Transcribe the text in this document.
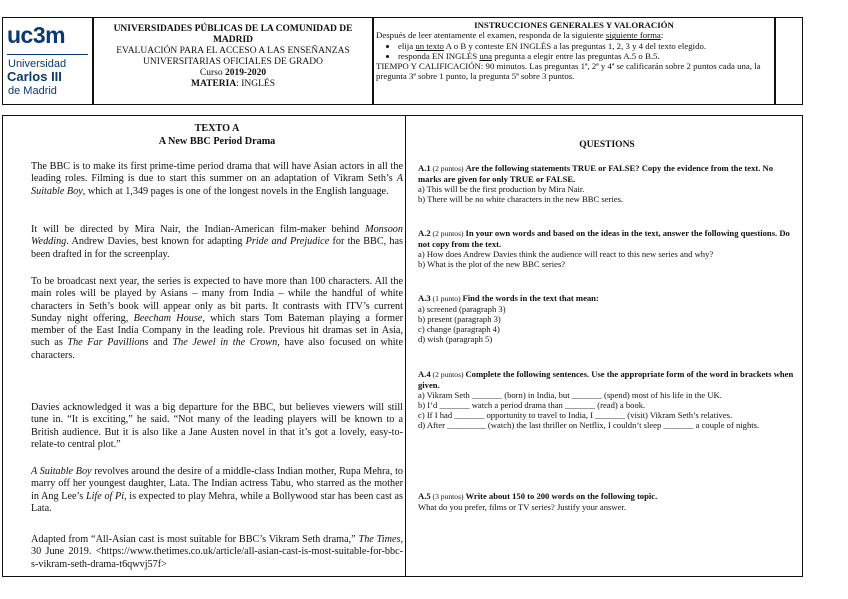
uc3m
Universidad
Carlos III
de Madrid
UNIVERSIDADES PÚBLICAS DE LA COMUNIDAD DE MADRID
EVALUACIÓN PARA EL ACCESO A LAS ENSEÑANZAS UNIVERSITARIAS OFICIALES DE GRADO
Curso 2019-2020
MATERIA: INGLÉS
INSTRUCCIONES GENERALES Y VALORACIÓN
Después de leer atentamente el examen, responda de la siguiente siguiente forma:
• elija un texto A o B y conteste EN INGLÉS a las preguntas 1, 2, 3 y 4 del texto elegido.
• responda EN INGLÉS una pregunta a elegir entre las preguntas A.5 o B.5.
TIEMPO Y CALIFICACIÓN: 90 minutos. Las preguntas 1ª, 2ª y 4ª se calificarán sobre 2 puntos cada una, la pregunta 3ª sobre 1 punto, la pregunta 5ª sobre 3 puntos.
TEXTO A
A New BBC Period Drama

The BBC is to make its first prime-time period drama that will have Asian actors in all the leading roles. Filming is due to start this summer on an adaptation of Vikram Seth’s A Suitable Boy, which at 1,349 pages is one of the longest novels in the English language.

It will be directed by Mira Nair, the Indian-American film-maker behind Monsoon Wedding. Andrew Davies, best known for adapting Pride and Prejudice for the BBC, has been drafted in for the screenplay.

To be broadcast next year, the series is expected to have more than 100 characters. All the main roles will be played by Asians – many from India – while the handful of white characters in Seth’s book will appear only as bit parts. It contrasts with ITV’s current Sunday night offering, Beecham House, which stars Tom Bateman playing a former member of the East India Company in the leading role. Previous hit dramas set in Asia, such as The Far Pavillions and The Jewel in the Crown, have also focused on white characters.

Davies acknowledged it was a big departure for the BBC, but believes viewers will still tune in. “It is exciting,” he said. “Not many of the leading players will be known to a British audience. But it is also like a Jane Austen novel in that it’s got a lovely, easy-to-relate-to central plot.”

A Suitable Boy revolves around the desire of a middle-class Indian mother, Rupa Mehra, to marry off her youngest daughter, Lata. The Indian actress Tabu, who starred as the mother in Ang Lee’s Life of Pi, is expected to play Mehra, while a Bollywood star has been cast as Lata.

Adapted from “All-Asian cast is most suitable for BBC’s Vikram Seth drama,” The Times, 30 June 2019. <https://www.thetimes.co.uk/article/all-asian-cast-is-most-suitable-for-bbc-s-vikram-seth-drama-t6qwvj57f>

QUESTIONS

A.1 (2 puntos) Are the following statements TRUE or FALSE? Copy the evidence from the text. No marks are given for only TRUE or FALSE.

a) This will be the first production by Mira Nair.

b) There will be no white characters in the new BBC series.

A.2 (2 puntos) In your own words and based on the ideas in the text, answer the following questions. Do not copy from the text.

a) How does Andrew Davies think the audience will react to this new series and why?

b) What is the plot of the new BBC series?

A.3 (1 punto) Find the words in the text that mean:

a) screened (paragraph 3)

b) present (paragraph 3)

c) change (paragraph 4)

d) wish (paragraph 5)

A.4 (2 puntos) Complete the following sentences. Use the appropriate form of the word in brackets when given.

a) Vikram Seth _______ (born) in India, but _______ (spend) most of his life in the UK.

b) I’d _______ watch a period drama than _______ (read) a book.

c) If I had _______ opportunity to travel to India, I _______ (visit) Vikram Seth’s relatives.

d) After _________ (watch) the last thriller on Netflix, I couldn’t sleep _______ a couple of nights.

A.5 (3 puntos) Write about 150 to 200 words on the following topic.

What do you prefer, films or TV series? Justify your answer.
